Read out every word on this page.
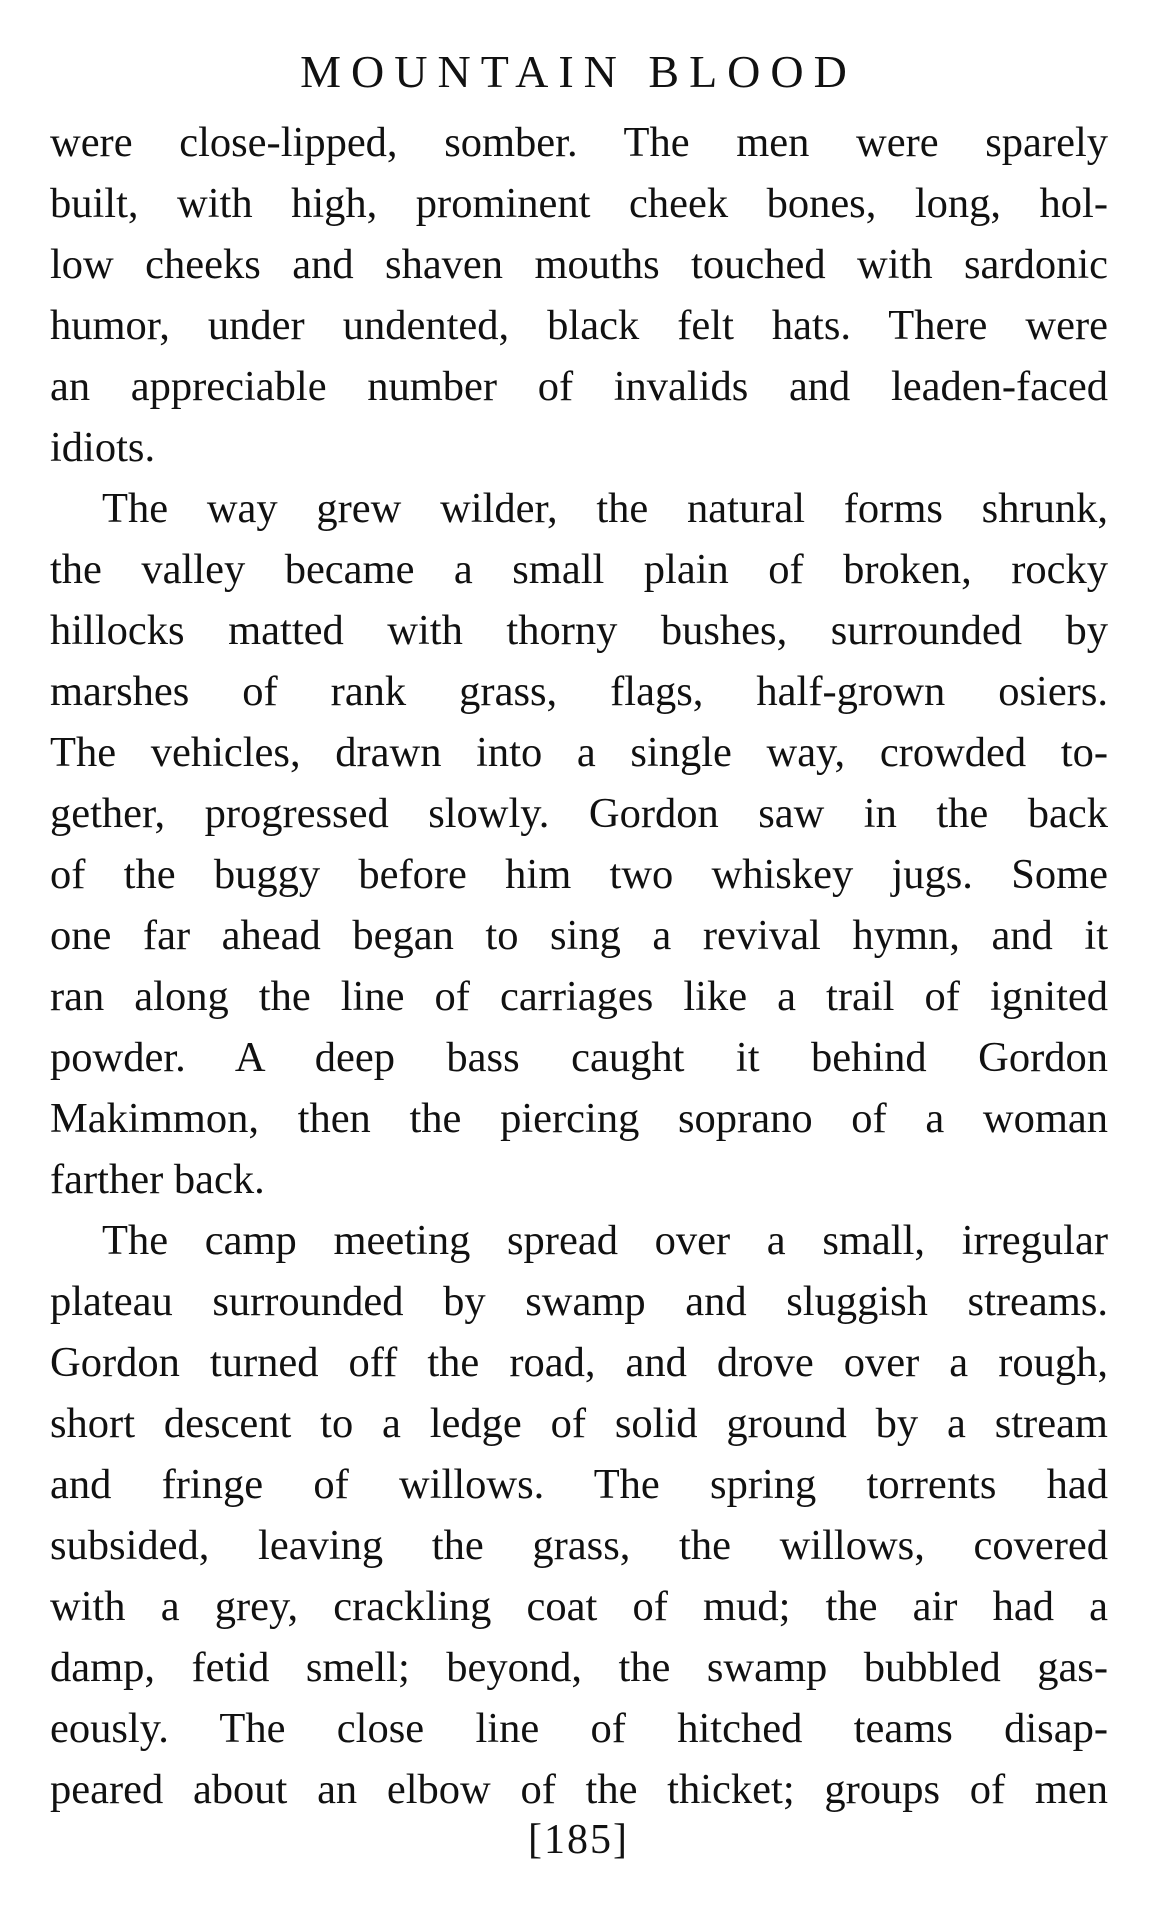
MOUNTAIN BLOOD

were close-lipped, somber. The men were sparely
built, with high, prominent cheek bones, long, hol-
low cheeks and shaven mouths touched with sardonic
humor, under undented, black felt hats. There were
an appreciable number of invalids and leaden-faced
idiots.

The way grew wilder, the natural forms shrunk,
the valley became a small plain of broken, rocky
hillocks matted with thorny bushes, surrounded by
marshes of rank grass, flags, half-grown osiers.
The vehicles, drawn into a single way, crowded to-
gether, progressed slowly. Gordon saw in the back
of the buggy before him two whiskey jugs. Some
one far ahead began to sing a revival hymn, and it
ran along the line of carriages like a trail of ignited
powder. A deep bass caught it behind Gordon
Makimmon, then the piercing soprano of a woman
farther back.

The camp meeting spread over a small, irregular
plateau surrounded by swamp and sluggish streams.
Gordon turned off the road, and drove over a rough,
short descent to a ledge of solid ground by a stream
and fringe of willows. The spring torrents had
subsided, leaving the grass, the willows, covered
with a grey, crackling coat of mud; the air had a
damp, fetid smell; beyond, the swamp bubbled gas-
eously. The close line of hitched teams disap-
peared about an elbow of the thicket; groups of men

[185]
